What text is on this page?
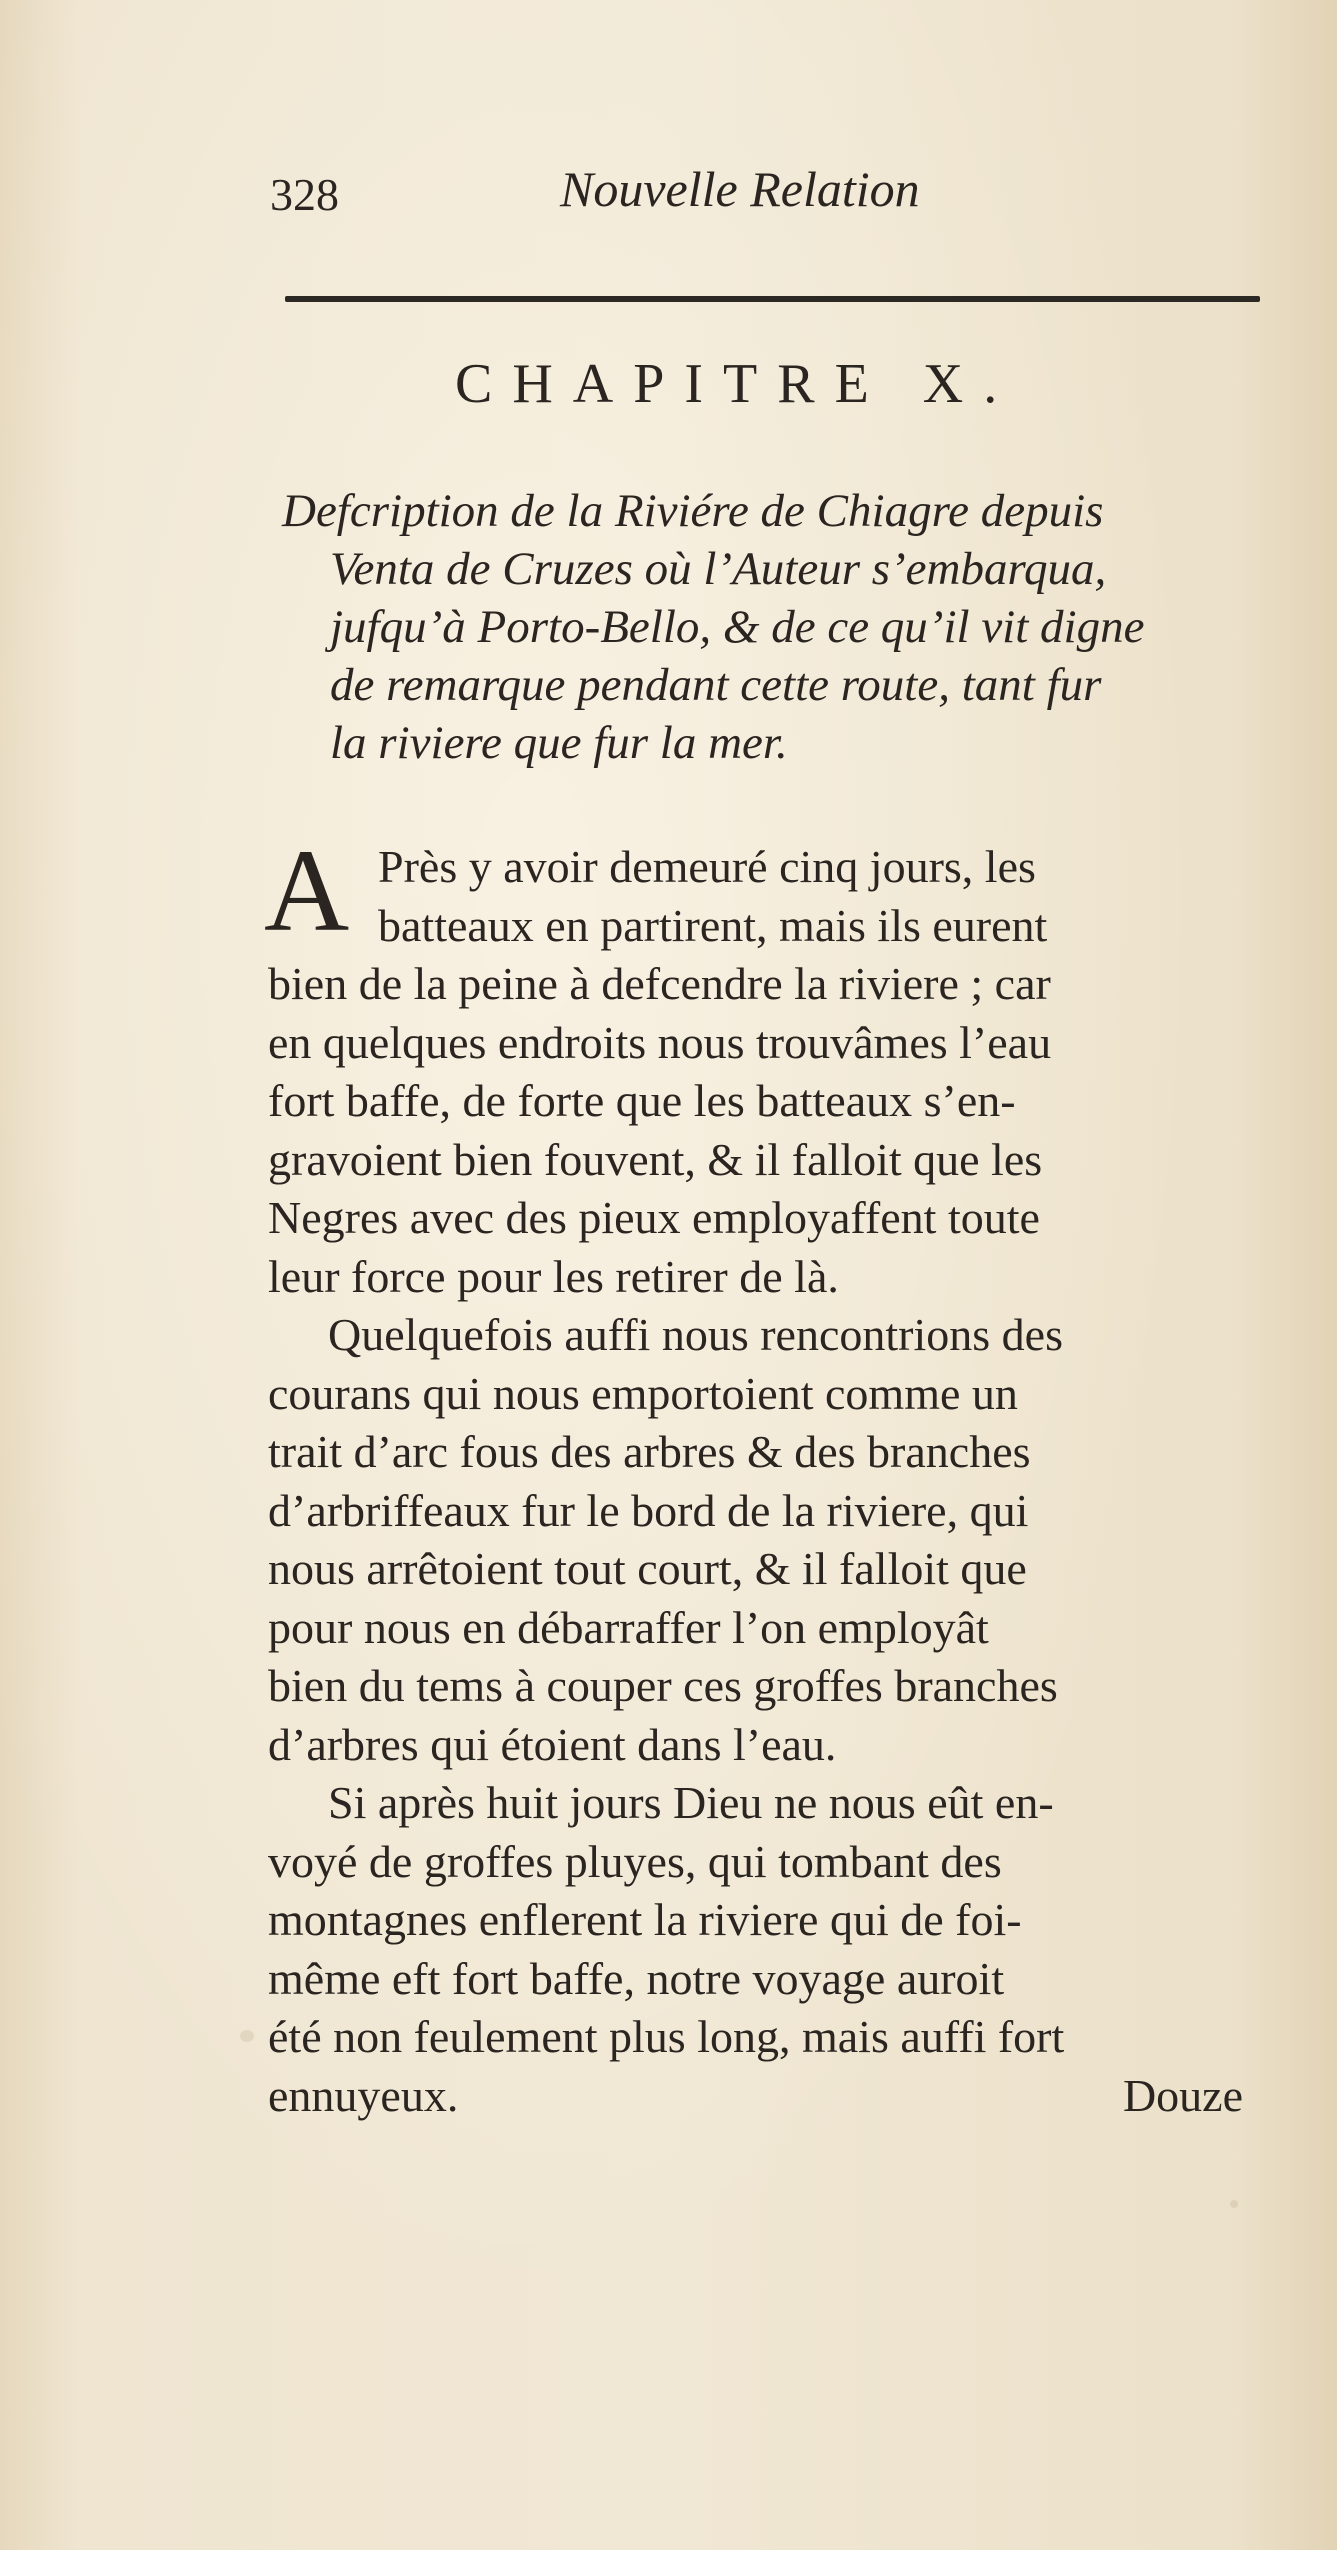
328	Nouvelle Relation
CHAPITRE X.
Defcription de la Riviére de Chiagre depuis
Venta de Cruzes où l’Auteur s’embarqua,
jufqu’à Porto-Bello, & de ce qu’il vit digne
de remarque pendant cette route, tant fur
la riviere que fur la mer.
A Près y avoir demeuré cinq jours, les
batteaux en partirent, mais ils eurent
bien de la peine à defcendre la riviere ; car
en quelques endroits nous trouvâmes l’eau
fort baffe, de forte que les batteaux s’en-
gravoient bien fouvent, & il falloit que les
Negres avec des pieux employaffent toute
leur force pour les retirer de là.
Quelquefois auffi nous rencontrions des
courans qui nous emportoient comme un
trait d’arc fous des arbres & des branches
d’arbriffeaux fur le bord de la riviere, qui
nous arrêtoient tout court, & il falloit que
pour nous en débarraffer l’on employât
bien du tems à couper ces groffes branches
d’arbres qui étoient dans l’eau.
Si après huit jours Dieu ne nous eût en-
voyé de groffes pluyes, qui tombant des
montagnes enflerent la riviere qui de foi-
même eft fort baffe, notre voyage auroit
été non feulement plus long, mais auffi fort
ennuyeux.	Douze
